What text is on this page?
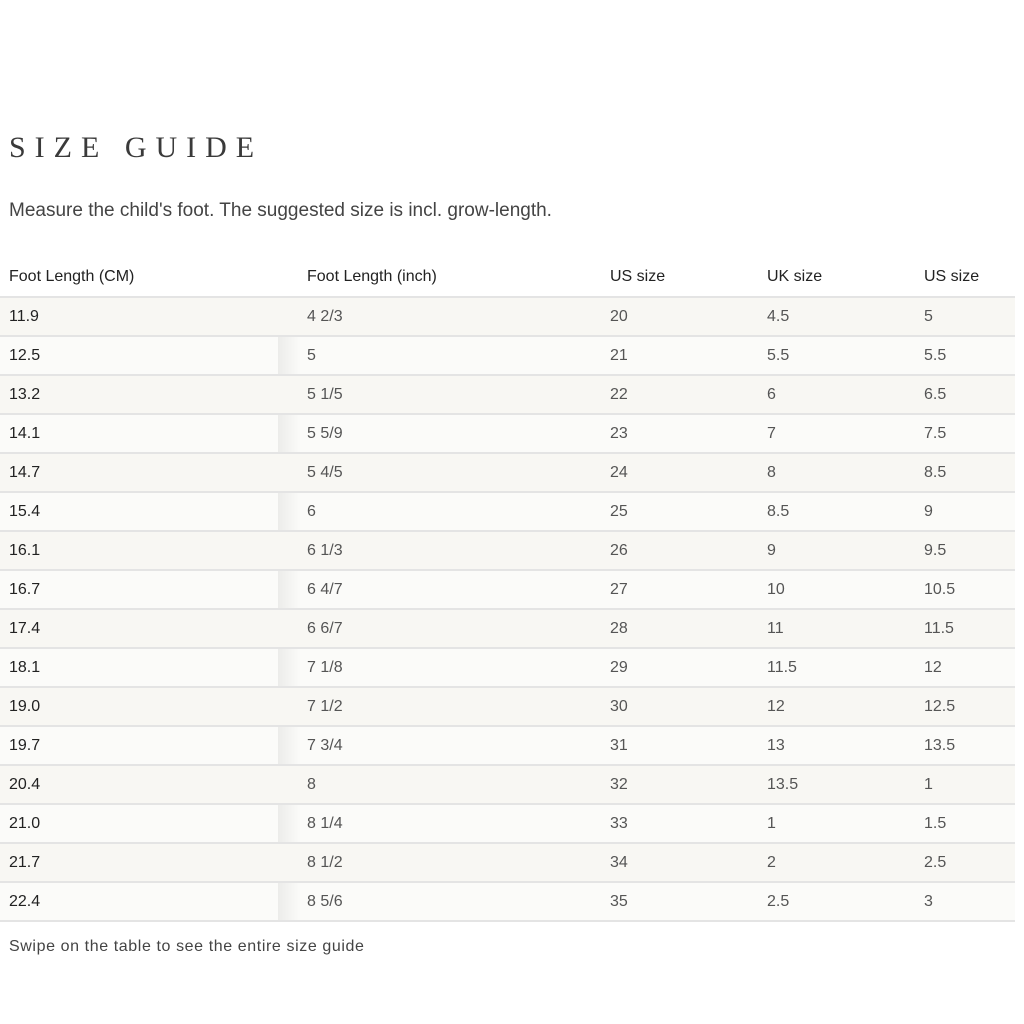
SIZE GUIDE

Measure the child's foot. The suggested size is incl. grow-length.

Foot Length (CM)	Foot Length (inch)	US size	UK size	US size
11.9	4 2/3	20	4.5	5
12.5	5	21	5.5	5.5
13.2	5 1/5	22	6	6.5
14.1	5 5/9	23	7	7.5
14.7	5 4/5	24	8	8.5
15.4	6	25	8.5	9
16.1	6 1/3	26	9	9.5
16.7	6 4/7	27	10	10.5
17.4	6 6/7	28	11	11.5
18.1	7 1/8	29	11.5	12
19.0	7 1/2	30	12	12.5
19.7	7 3/4	31	13	13.5
20.4	8	32	13.5	1
21.0	8 1/4	33	1	1.5
21.7	8 1/2	34	2	2.5
22.4	8 5/6	35	2.5	3

Swipe on the table to see the entire size guide
